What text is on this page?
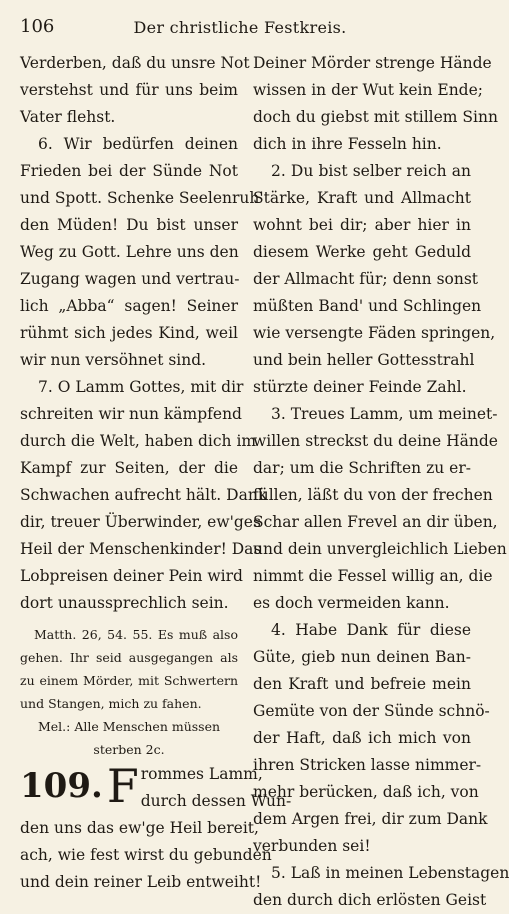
106	Der christliche Festkreis.
Verderben, daß du unsre Not
verstehst und für uns beim
Vater flehst.
6. Wir bedürfen deinen
Frieden bei der Sünde Not
und Spott. Schenke Seelenruh'
den Müden! Du bist unser
Weg zu Gott. Lehre uns den
Zugang wagen und vertrau-
lich „Abba“ sagen! Seiner
rühmt sich jedes Kind, weil
wir nun versöhnet sind.
7. O Lamm Gottes, mit dir
schreiten wir nun kämpfend
durch die Welt, haben dich im
Kampf zur Seiten, der die
Schwachen aufrecht hält. Dank
dir, treuer Überwinder, ew'ges
Heil der Menschenkinder! Das
Lobpreisen deiner Pein wird
dort unaussprechlich sein.
Matth. 26, 54. 55. Es muß also
gehen. Ihr seid ausgegangen als
zu einem Mörder, mit Schwertern
und Stangen, mich zu fahen.
Mel.: Alle Menschen müssen
sterben 2c.
109. F rommes Lamm,
durch dessen Wun-
den uns das ew'ge Heil bereit,
ach, wie fest wirst du gebunden
und dein reiner Leib entweiht!
Deiner Mörder strenge Hände
wissen in der Wut kein Ende;
doch du giebst mit stillem Sinn
dich in ihre Fesseln hin.
2. Du bist selber reich an
Stärke, Kraft und Allmacht
wohnt bei dir; aber hier in
diesem Werke geht Geduld
der Allmacht für; denn sonst
müßten Band' und Schlingen
wie versengte Fäden springen,
und bein heller Gottesstrahl
stürzte deiner Feinde Zahl.
3. Treues Lamm, um meinet-
willen streckst du deine Hände
dar; um die Schriften zu er-
füllen, läßt du von der frechen
Schar allen Frevel an dir üben,
und dein unvergleichlich Lieben
nimmt die Fessel willig an, die
es doch vermeiden kann.
4. Habe Dank für diese
Güte, gieb nun deinen Ban-
den Kraft und befreie mein
Gemüte von der Sünde schnö-
der Haft, daß ich mich von
ihren Stricken lasse nimmer-
mehr berücken, daß ich, von
dem Argen frei, dir zum Dank
verbunden sei!
5. Laß in meinen Lebenstagen
den durch dich erlösten Geist
